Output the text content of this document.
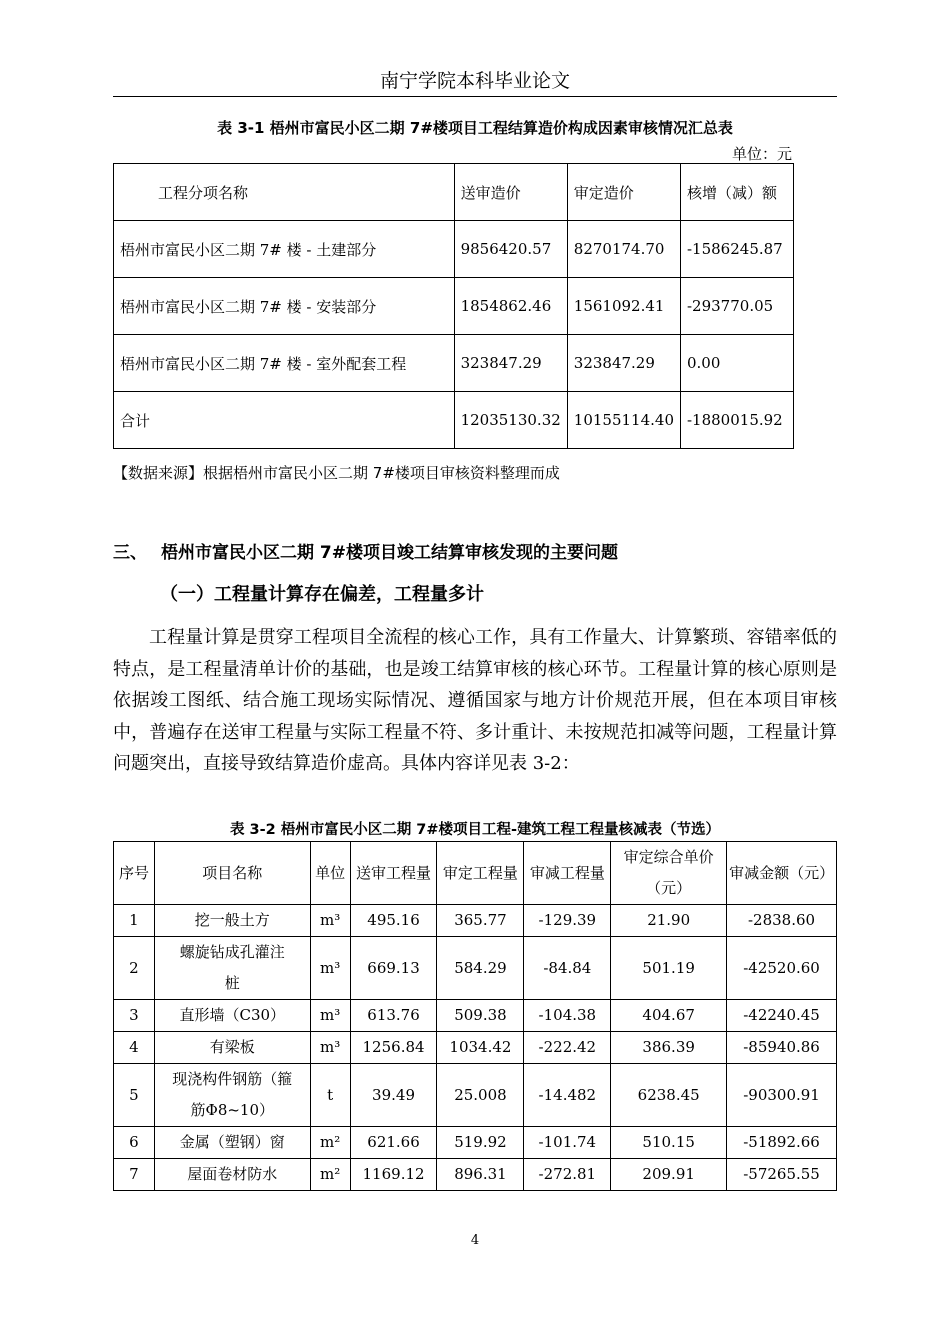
南宁学院本科毕业论文
表 3-1 梧州市富民小区二期 7#楼项目工程结算造价构成因素审核情况汇总表
单位：元
工程分项名称	送审造价	审定造价	核增（减）额
梧州市富民小区二期 7# 楼 - 土建部分	9856420.57	8270174.70	-1586245.87
梧州市富民小区二期 7# 楼 - 安装部分	1854862.46	1561092.41	-293770.05
梧州市富民小区二期 7# 楼 - 室外配套工程	323847.29	323847.29	0.00
合计	12035130.32	10155114.40	-1880015.92
【数据来源】根据梧州市富民小区二期 7#楼项目审核资料整理而成
三、 梧州市富民小区二期 7#楼项目竣工结算审核发现的主要问题
（一）工程量计算存在偏差，工程量多计
工程量计算是贯穿工程项目全流程的核心工作，具有工作量大、计算繁琐、容错率低的特点，是工程量清单计价的基础，也是竣工结算审核的核心环节。工程量计算的核心原则是依据竣工图纸、结合施工现场实际情况、遵循国家与地方计价规范开展，但在本项目审核中，普遍存在送审工程量与实际工程量不符、多计重计、未按规范扣减等问题，工程量计算问题突出，直接导致结算造价虚高。具体内容详见表 3-2：
表 3-2 梧州市富民小区二期 7#楼项目工程-建筑工程工程量核减表（节选）
序号	项目名称	单位	送审工程量	审定工程量	审减工程量	审定综合单价（元）	审减金额（元）
1	挖一般土方	m³	495.16	365.77	-129.39	21.90	-2838.60
2	螺旋钻成孔灌注桩	m³	669.13	584.29	-84.84	501.19	-42520.60
3	直形墙（C30）	m³	613.76	509.38	-104.38	404.67	-42240.45
4	有梁板	m³	1256.84	1034.42	-222.42	386.39	-85940.86
5	现浇构件钢筋（箍筋Φ8~10）	t	39.49	25.008	-14.482	6238.45	-90300.91
6	金属（塑钢）窗	m²	621.66	519.92	-101.74	510.15	-51892.66
7	屋面卷材防水	m²	1169.12	896.31	-272.81	209.91	-57265.55
4
